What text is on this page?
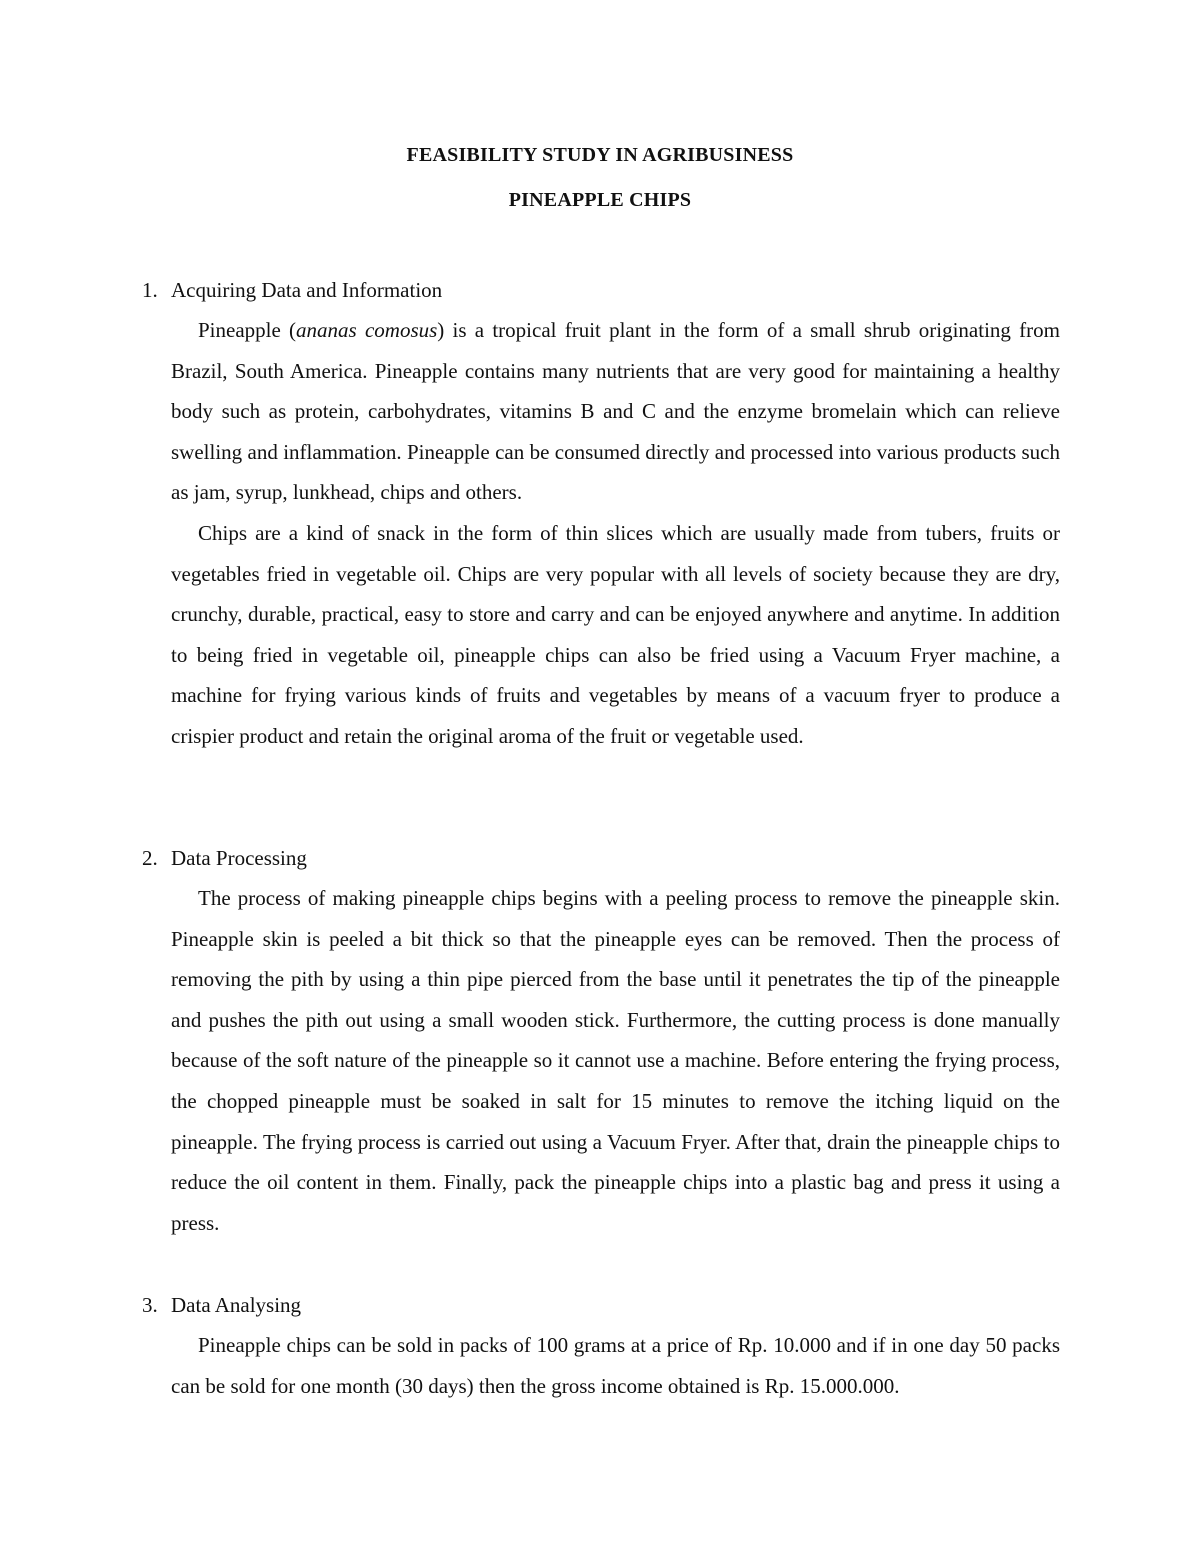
FEASIBILITY STUDY IN AGRIBUSINESS
PINEAPPLE CHIPS
1. Acquiring Data and Information

Pineapple (ananas comosus) is a tropical fruit plant in the form of a small shrub originating from Brazil, South America. Pineapple contains many nutrients that are very good for maintaining a healthy body such as protein, carbohydrates, vitamins B and C and the enzyme bromelain which can relieve swelling and inflammation. Pineapple can be consumed directly and processed into various products such as jam, syrup, lunkhead, chips and others.

Chips are a kind of snack in the form of thin slices which are usually made from tubers, fruits or vegetables fried in vegetable oil. Chips are very popular with all levels of society because they are dry, crunchy, durable, practical, easy to store and carry and can be enjoyed anywhere and anytime. In addition to being fried in vegetable oil, pineapple chips can also be fried using a Vacuum Fryer machine, a machine for frying various kinds of fruits and vegetables by means of a vacuum fryer to produce a crispier product and retain the original aroma of the fruit or vegetable used.

2. Data Processing

The process of making pineapple chips begins with a peeling process to remove the pineapple skin. Pineapple skin is peeled a bit thick so that the pineapple eyes can be removed. Then the process of removing the pith by using a thin pipe pierced from the base until it penetrates the tip of the pineapple and pushes the pith out using a small wooden stick. Furthermore, the cutting process is done manually because of the soft nature of the pineapple so it cannot use a machine. Before entering the frying process, the chopped pineapple must be soaked in salt for 15 minutes to remove the itching liquid on the pineapple. The frying process is carried out using a Vacuum Fryer. After that, drain the pineapple chips to reduce the oil content in them. Finally, pack the pineapple chips into a plastic bag and press it using a press.

3. Data Analysing

Pineapple chips can be sold in packs of 100 grams at a price of Rp. 10.000 and if in one day 50 packs can be sold for one month (30 days) then the gross income obtained is Rp. 15.000.000.
